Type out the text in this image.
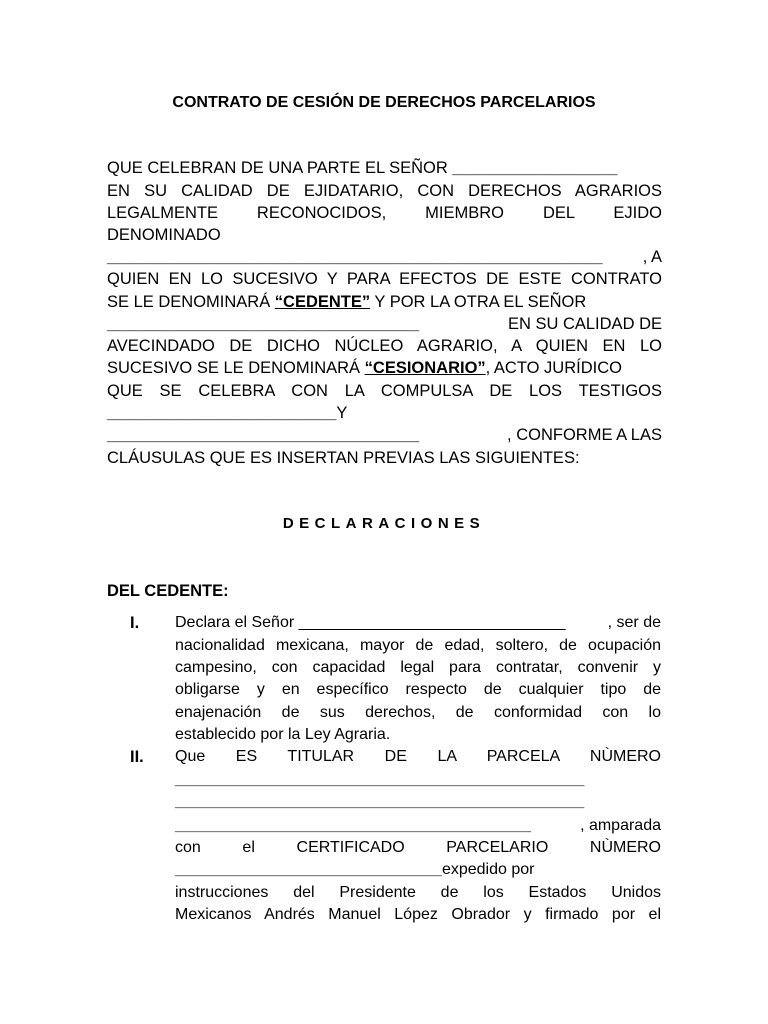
CONTRATO DE CESIÓN DE DERECHOS PARCELARIOS
QUE CELEBRAN DE UNA PARTE EL SEÑOR __________________
EN SU CALIDAD DE EJIDATARIO, CON DERECHOS AGRARIOS
LEGALMENTE RECONOCIDOS, MIEMBRO DEL EJIDO
DENOMINADO
______________________________________________________ , A
QUIEN EN LO SUCESIVO Y PARA EFECTOS DE ESTE CONTRATO
SE LE DENOMINARÁ “CEDENTE” Y POR LA OTRA EL SEÑOR
__________________________________	EN SU CALIDAD DE
AVECINDADO DE DICHO NÚCLEO AGRARIO, A QUIEN EN LO
SUCESIVO SE LE DENOMINARÁ “CESIONARIO”, ACTO JURÍDICO
QUE SE CELEBRA CON LA COMPULSA DE LOS TESTIGOS
_________________________Y
__________________________________	, CONFORME A LAS
CLÁUSULAS QUE ES INSERTAN PREVIAS LAS SIGUIENTES:
DECLARACIONES
DEL CEDENTE:
I. Declara el Señor ______________________________	, ser de
nacionalidad mexicana, mayor de edad, soltero, de ocupación
campesino, con capacidad legal para contratar, convenir y
obligarse y en específico respecto de cualquier tipo de
enajenación de sus derechos, de conformidad con lo
establecido por la Ley Agraria.
II. Que ES TITULAR DE LA PARCELA NÙMERO
______________________________________________
______________________________________________
________________________________________	, amparada
con el CERTIFICADO PARCELARIO NÙMERO
______________________________expedido por
instrucciones del Presidente de los Estados Unidos
Mexicanos Andrés Manuel López Obrador y firmado por el
